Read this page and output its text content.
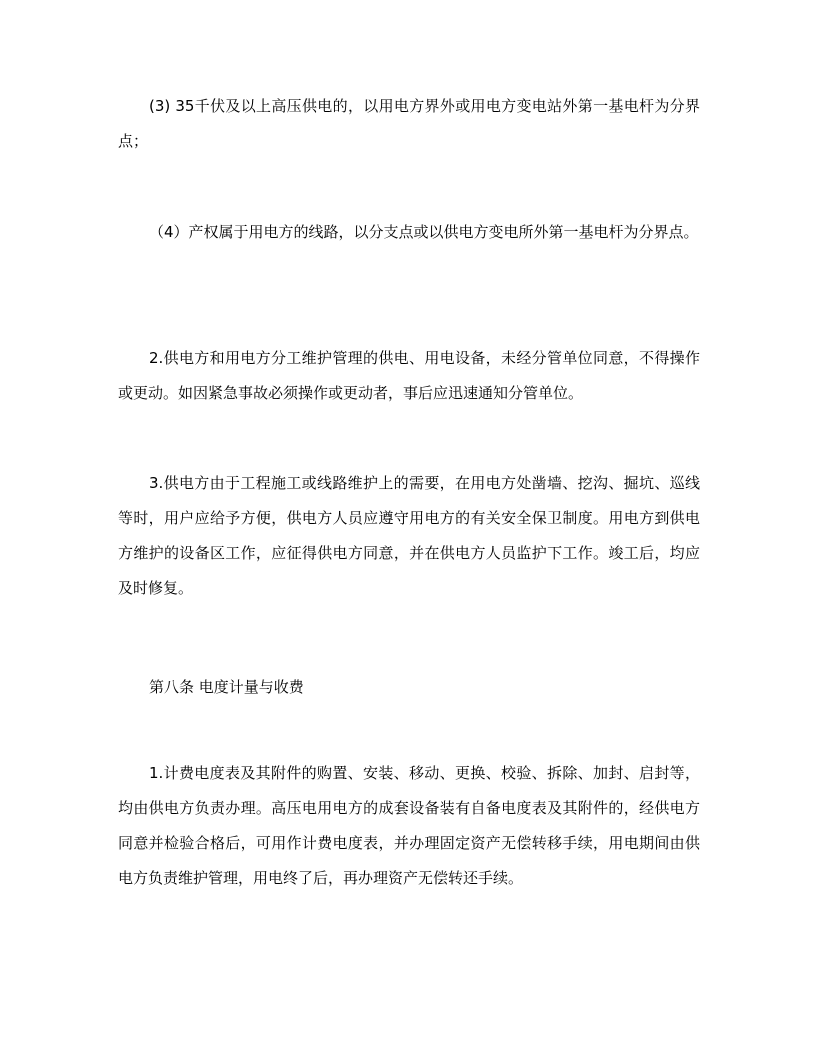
(3) 35千伏及以上高压供电的，以用电方界外或用电方变电站外第一基电杆为分界点；

（4）产权属于用电方的线路，以分支点或以供电方变电所外第一基电杆为分界点。

2.供电方和用电方分工维护管理的供电、用电设备，未经分管单位同意，不得操作或更动。如因紧急事故必须操作或更动者，事后应迅速通知分管单位。

3.供电方由于工程施工或线路维护上的需要，在用电方处凿墙、挖沟、掘坑、巡线等时，用户应给予方便，供电方人员应遵守用电方的有关安全保卫制度。用电方到供电方维护的设备区工作，应征得供电方同意，并在供电方人员监护下工作。竣工后，均应及时修复。

第八条 电度计量与收费

1.计费电度表及其附件的购置、安装、移动、更换、校验、拆除、加封、启封等，均由供电方负责办理。高压电用电方的成套设备装有自备电度表及其附件的，经供电方同意并检验合格后，可用作计费电度表，并办理固定资产无偿转移手续，用电期间由供电方负责维护管理，用电终了后，再办理资产无偿转还手续。
